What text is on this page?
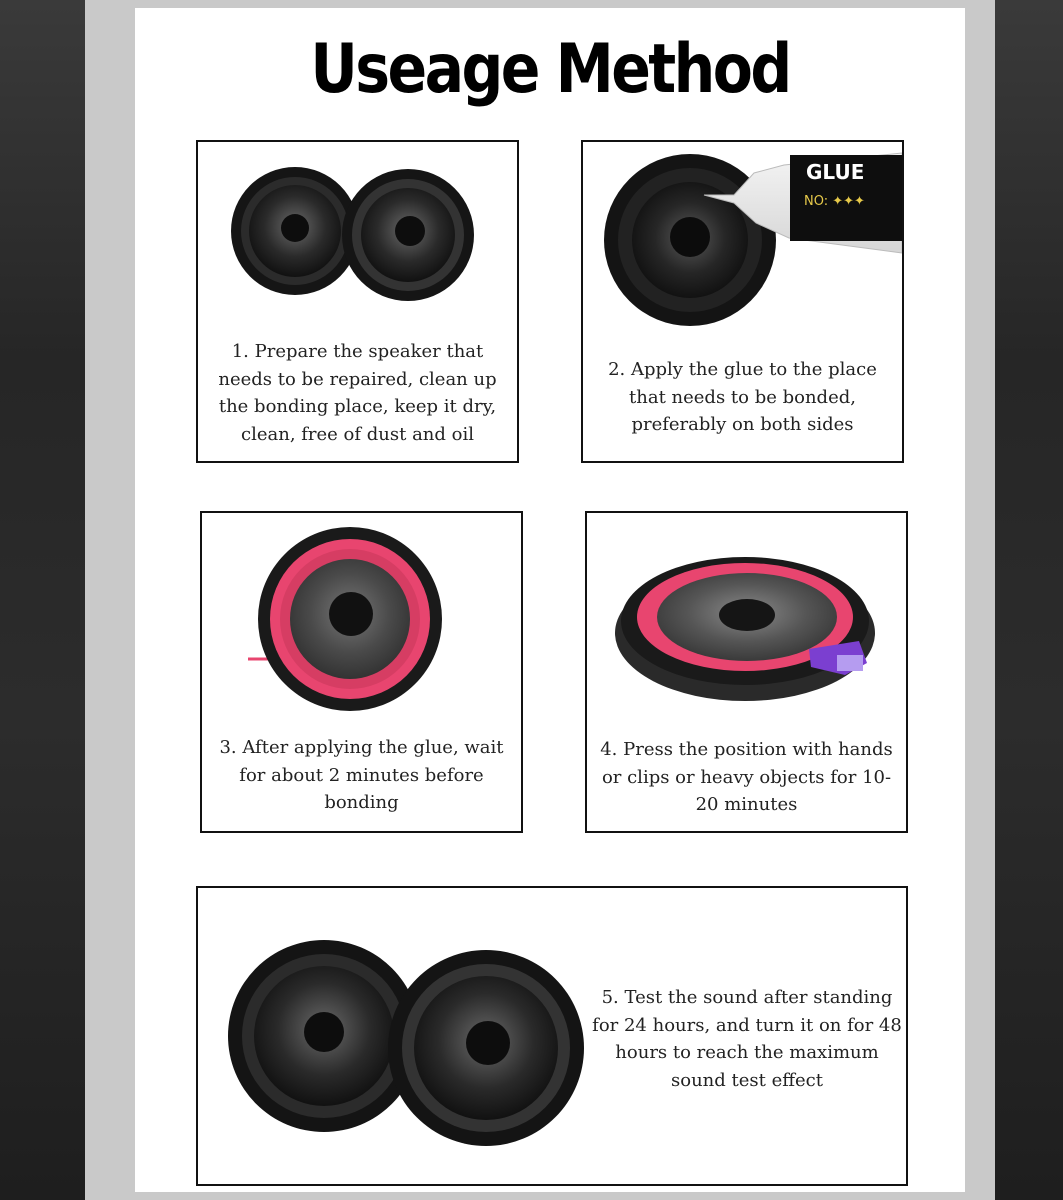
Useage Method
1. Prepare the speaker that needs to be repaired, clean up the bonding place, keep it dry, clean, free of dust and oil
GLUE
NO: ✦✦✦
2. Apply the glue to the place that needs to be bonded, preferably on both sides
3. After applying the glue, wait for about 2 minutes before bonding
4. Press the position with hands or clips or heavy objects for 10-20 minutes
5. Test the sound after standing for 24 hours, and turn it on for 48 hours to reach the maximum sound test effect
